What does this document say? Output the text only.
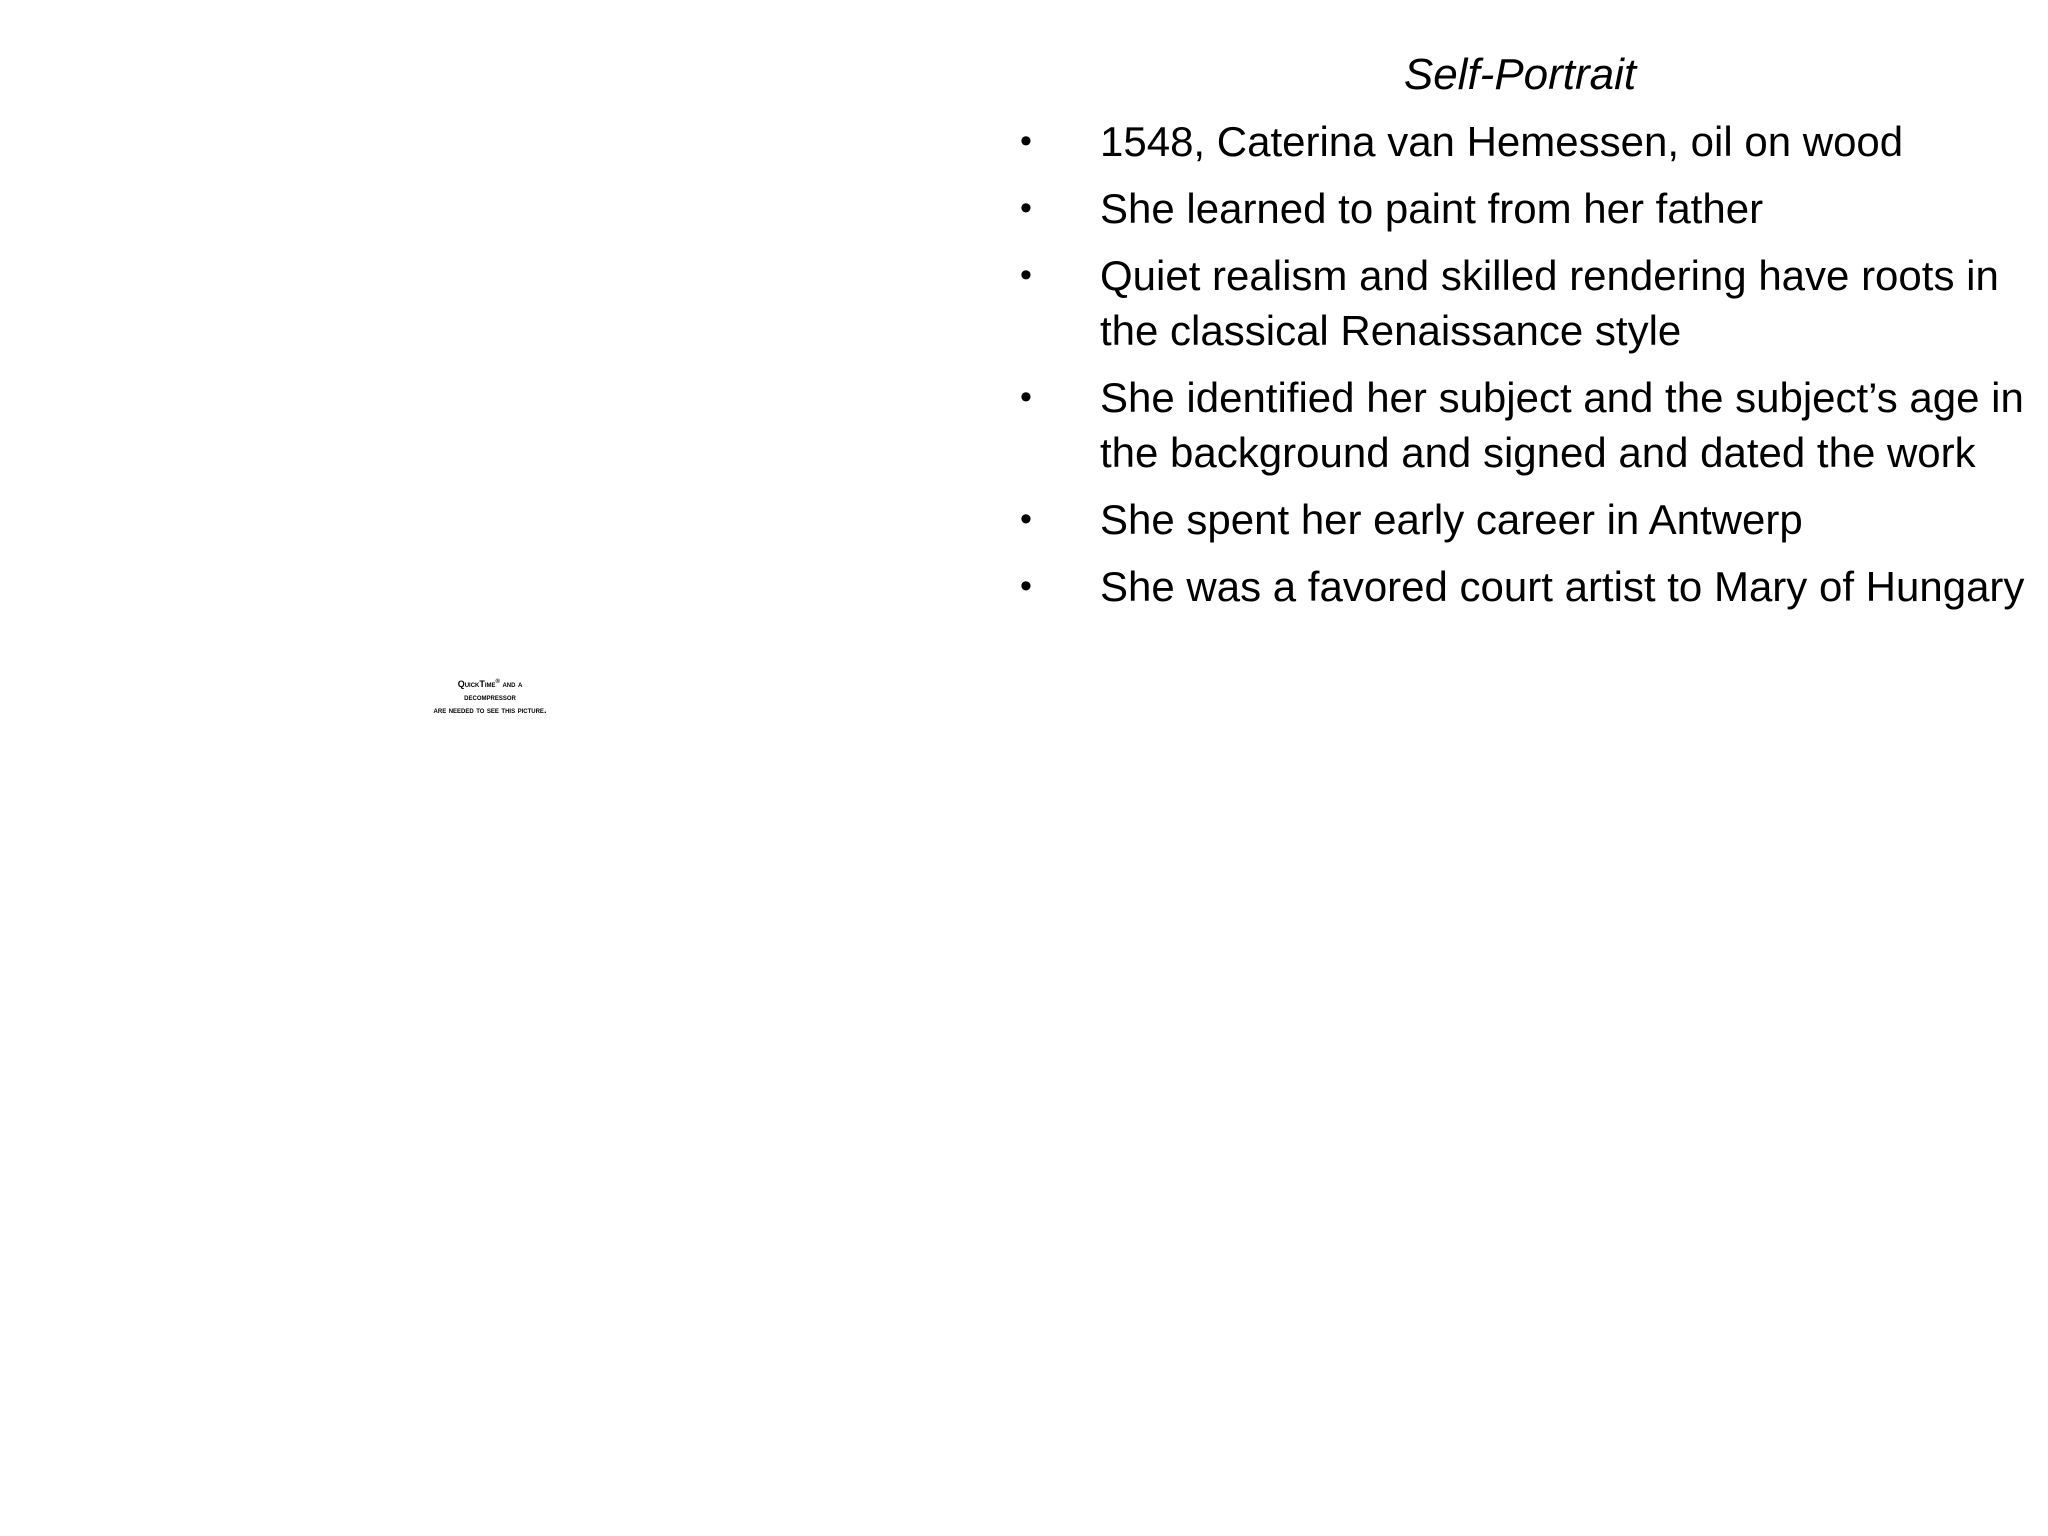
QuickTime® and a
decompressor
are needed to see this picture.
Self-Portrait
• 1548, Caterina van Hemessen, oil on wood
• She learned to paint from her father
• Quiet realism and skilled rendering have roots in the classical Renaissance style
• She identified her subject and the subject’s age in the background and signed and dated the work
• She spent her early career in Antwerp
• She was a favored court artist to Mary of Hungary
